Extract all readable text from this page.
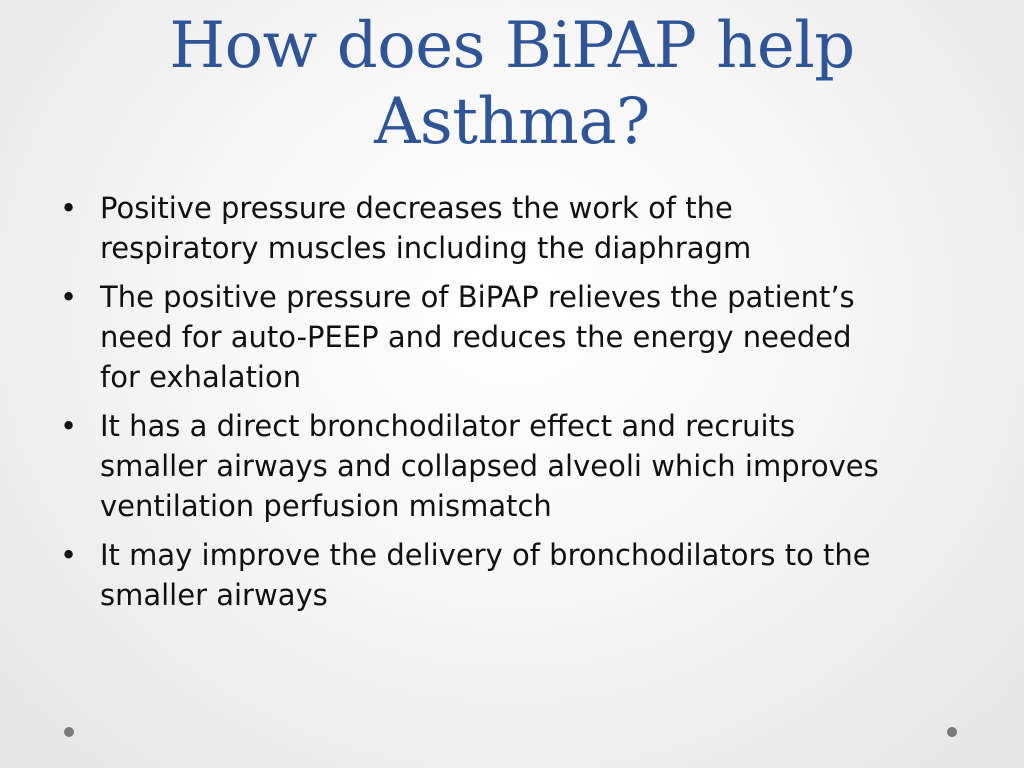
How does BiPAP help
Asthma?
• Positive pressure decreases the work of the
respiratory muscles including the diaphragm
• The positive pressure of BiPAP relieves the patient’s
need for auto-PEEP and reduces the energy needed
for exhalation
• It has a direct bronchodilator effect and recruits
smaller airways and collapsed alveoli which improves
ventilation perfusion mismatch
• It may improve the delivery of bronchodilators to the
smaller airways
